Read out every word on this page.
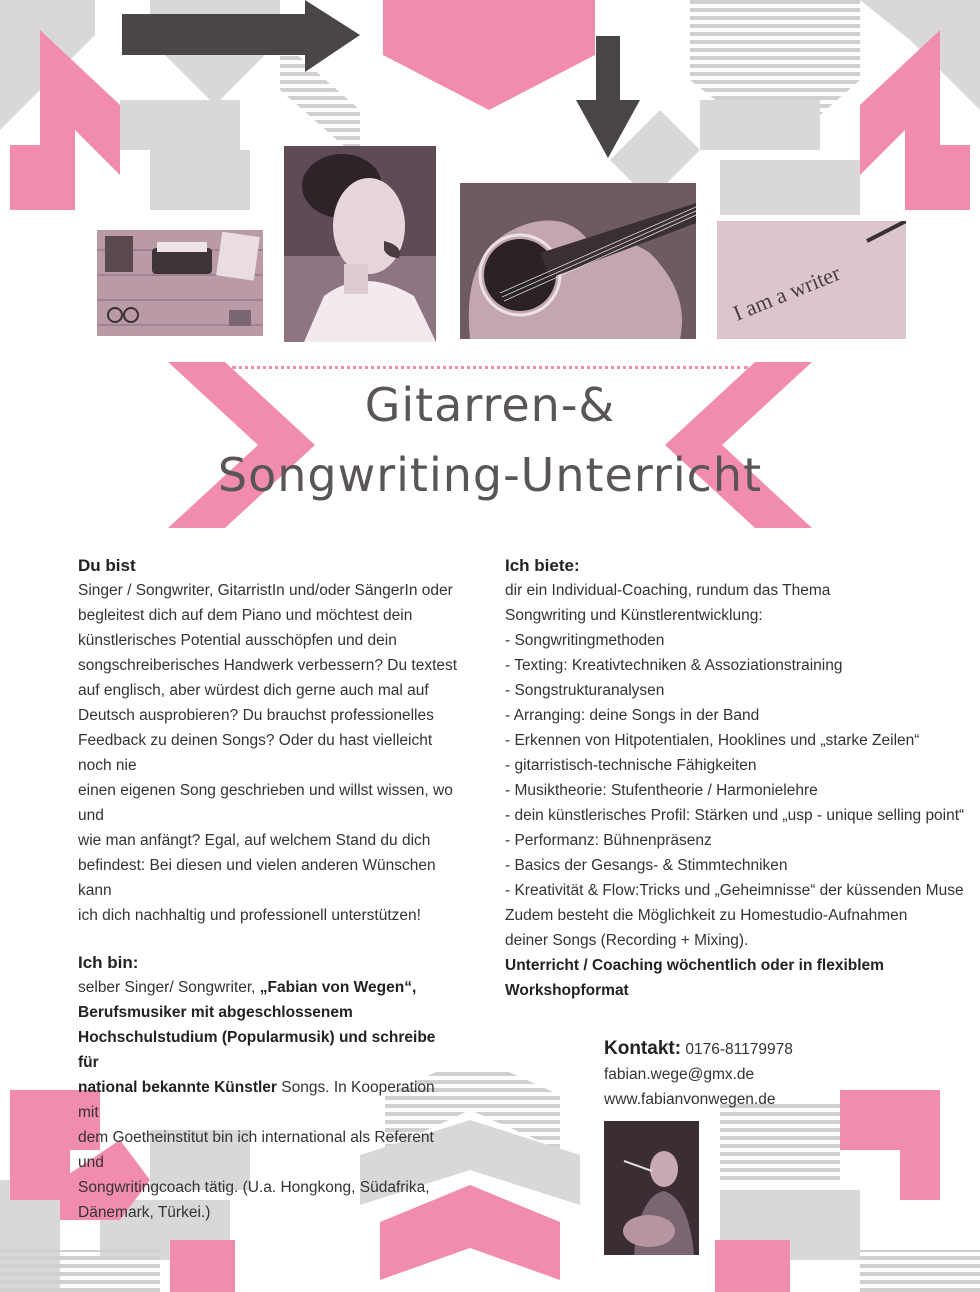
I am a writer
Gitarren-&
Songwriting-Unterricht

Du bist

Singer / Songwriter, GitarristIn und/oder SängerIn oder

begleitest dich auf dem Piano und möchtest dein

künstlerisches Potential ausschöpfen und dein

songschreiberisches Handwerk verbessern? Du textest

auf englisch, aber würdest dich gerne auch mal auf

Deutsch ausprobieren? Du brauchst professionelles

Feedback zu deinen Songs? Oder du hast vielleicht noch nie

einen eigenen Song geschrieben und willst wissen, wo und

wie man anfängt? Egal, auf welchem Stand du dich

befindest: Bei diesen und vielen anderen Wünschen kann

ich dich nachhaltig und professionell unterstützen!

Ich bin:

selber Singer/ Songwriter, „Fabian von Wegen“,

Berufsmusiker mit abgeschlossenem

Hochschulstudium (Popularmusik) und schreibe für

national bekannte Künstler Songs. In Kooperation mit

dem Goetheinstitut bin ich international als Referent und

Songwritingcoach tätig. (U.a. Hongkong, Südafrika,

Dänemark, Türkei.)

Ich biete:

dir ein Individual-Coaching, rundum das Thema

Songwriting und Künstlerentwicklung:

- Songwritingmethoden

- Texting: Kreativtechniken & Assoziationstraining

- Songstrukturanalysen

- Arranging: deine Songs in der Band

- Erkennen von Hitpotentialen, Hooklines und „starke Zeilen“

- gitarristisch-technische Fähigkeiten

- Musiktheorie: Stufentheorie / Harmonielehre

- dein künstlerisches Profil: Stärken und „usp - unique selling point“

- Performanz: Bühnenpräsenz

- Basics der Gesangs- & Stimmtechniken

- Kreativität & Flow:Tricks und „Geheimnisse“ der küssenden Muse

Zudem besteht die Möglichkeit zu Homestudio-Aufnahmen

deiner Songs (Recording + Mixing).

Unterricht / Coaching wöchentlich oder in flexiblem

Workshopformat

Kontakt: 0176-81179978
fabian.wege@gmx.de
www.fabianvonwegen.de
